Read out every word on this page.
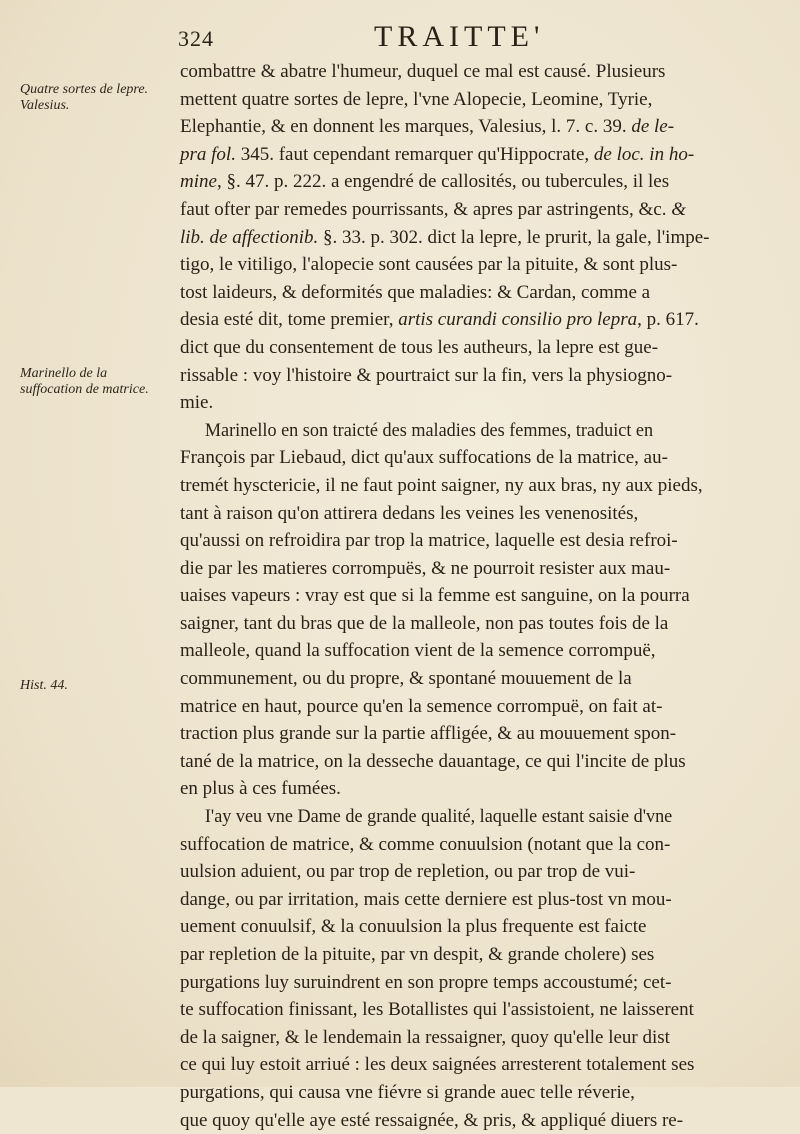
324	TRAITTE'
Quatre sortes de lepre. Valesius.
Marinello de la suffocation de matrice.
Hist. 44.

combattre & abatre l'humeur, duquel ce mal est causé. Plusieurs
mettent quatre sortes de lepre, l'vne Alopecie, Leomine, Tyrie,
Elephantie, & en donnent les marques, Valesius, l. 7. c. 39. de le-
pra fol. 345. faut cependant remarquer qu'Hippocrate, de loc. in ho-
mine, §. 47. p. 222. a engendré de callosités, ou tubercules, il les
faut ofter par remedes pourrissants, & apres par astringents, &c. &
lib. de affectionib. §. 33. p. 302. dict la lepre, le prurit, la gale, l'impe-
tigo, le vitiligo, l'alopecie sont causées par la pituite, & sont plus-
tost laideurs, & deformités que maladies: & Cardan, comme a
desia esté dit, tome premier, artis curandi consilio pro lepra, p. 617.
dict que du consentement de tous les autheurs, la lepre est gue-
rissable : voy l'histoire & pourtraict sur la fin, vers la physiogno-
mie.

Marinello en son traicté des maladies des femmes, traduict en
François par Liebaud, dict qu'aux suffocations de la matrice, au-
tremét hysctericie, il ne faut point saigner, ny aux bras, ny aux pieds,
tant à raison qu'on attirera dedans les veines les venenosités,
qu'aussi on refroidira par trop la matrice, laquelle est desia refroi-
die par les matieres corrompuës, & ne pourroit resister aux mau-
uaises vapeurs : vray est que si la femme est sanguine, on la pourra
saigner, tant du bras que de la malleole, non pas toutes fois de la
malleole, quand la suffocation vient de la semence corrompuë,
communement, ou du propre, & spontané mouuement de la
matrice en haut, pource qu'en la semence corrompuë, on fait at-
traction plus grande sur la partie affligée, & au mouuement spon-
tané de la matrice, on la desseche dauantage, ce qui l'incite de plus
en plus à ces fumées.

I'ay veu vne Dame de grande qualité, laquelle estant saisie d'vne
suffocation de matrice, & comme conuulsion (notant que la con-
uulsion aduient, ou par trop de repletion, ou par trop de vui-
dange, ou par irritation, mais cette derniere est plus-tost vn mou-
uement conuulsif, & la conuulsion la plus frequente est faicte
par repletion de la pituite, par vn despit, & grande cholere) ses
purgations luy suruindrent en son propre temps accoustumé; cet-
te suffocation finissant, les Botallistes qui l'assistoient, ne laisserent
de la saigner, & le lendemain la ressaigner, quoy qu'elle leur dist
ce qui luy estoit arriué : les deux saignées arresterent totalement ses
purgations, qui causa vne fiévre si grande auec telle réverie,
que quoy qu'elle aye esté ressaignée, & pris, & appliqué diuers re-
